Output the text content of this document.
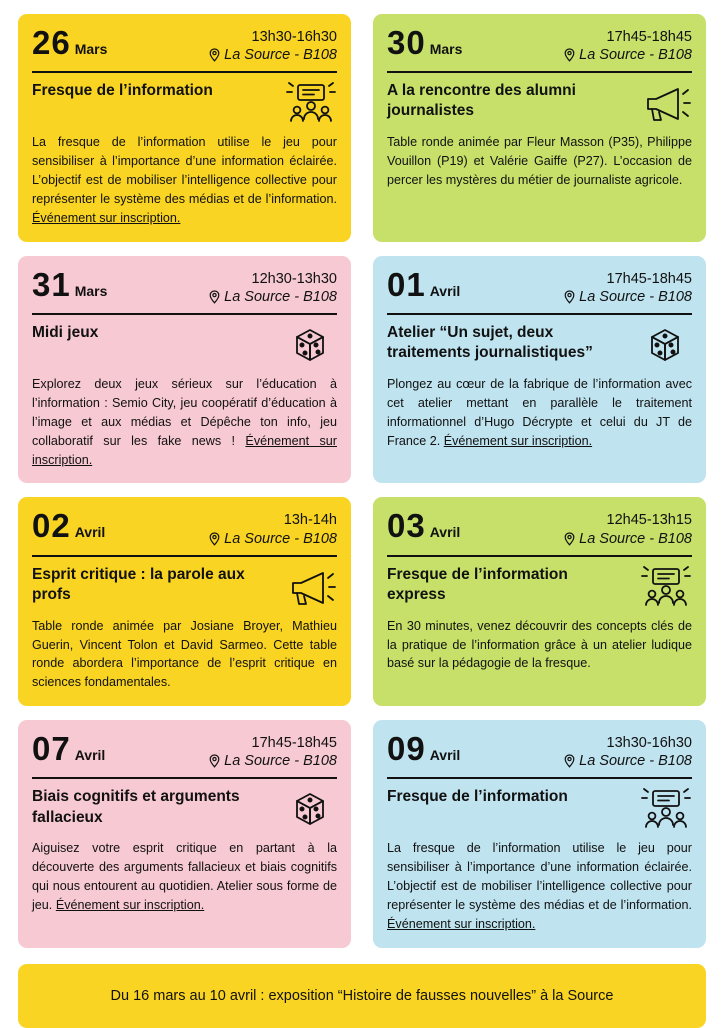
26 Mars
13h30-16h30
La Source - B108
Fresque de l’information
La fresque de l’information utilise le jeu pour sensibiliser à l’importance d’une information éclairée. L’objectif est de mobiliser l’intelligence collective pour représenter le système des médias et de l’information. Événement sur inscription.
30 Mars
17h45-18h45
La Source - B108
A la rencontre des alumni journalistes
Table ronde animée par Fleur Masson (P35), Philippe Vouillon (P19) et Valérie Gaiffe (P27). L’occasion de percer les mystères du métier de journaliste agricole.
31 Mars
12h30-13h30
La Source - B108
Midi jeux
Explorez deux jeux sérieux sur l’éducation à l’information : Semio City, jeu coopératif d’éducation à l’image et aux médias et Dépêche ton info, jeu collaboratif sur les fake news ! Événement sur inscription.
01 Avril
17h45-18h45
La Source - B108
Atelier “Un sujet, deux traitements journalistiques”
Plongez au cœur de la fabrique de l’information avec cet atelier mettant en parallèle le traitement informationnel d’Hugo Décrypte et celui du JT de France 2. Événement sur inscription.
02 Avril
13h-14h
La Source - B108
Esprit critique : la parole aux profs
Table ronde animée par Josiane Broyer, Mathieu Guerin, Vincent Tolon et David Sarmeo. Cette table ronde abordera l’importance de l’esprit critique en sciences fondamentales.
03 Avril
12h45-13h15
La Source - B108
Fresque de l’information express
En 30 minutes, venez découvrir des concepts clés de la pratique de l’information grâce à un atelier ludique basé sur la pédagogie de la fresque.
07 Avril
17h45-18h45
La Source - B108
Biais cognitifs et arguments fallacieux
Aiguisez votre esprit critique en partant à la découverte des arguments fallacieux et biais cognitifs qui nous entourent au quotidien. Atelier sous forme de jeu. Événement sur inscription.
09 Avril
13h30-16h30
La Source - B108
Fresque de l’information
La fresque de l’information utilise le jeu pour sensibiliser à l’importance d’une information éclairée. L’objectif est de mobiliser l’intelligence collective pour représenter le système des médias et de l’information. Événement sur inscription.
Du 16 mars au 10 avril : exposition “Histoire de fausses nouvelles” à la Source
